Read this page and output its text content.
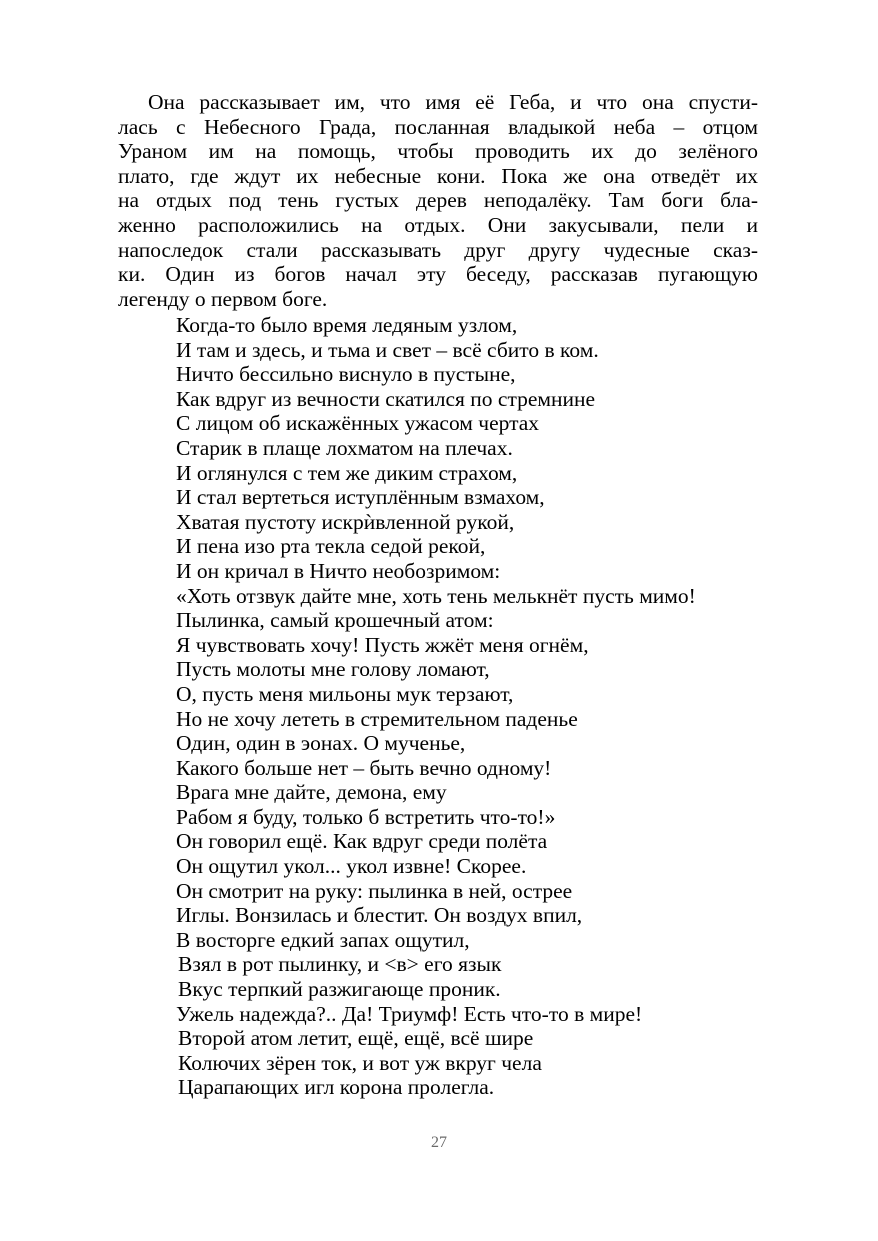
Она рассказывает им, что имя её Геба, и что она спусти-
лась с Небесного Града, посланная владыкой неба – отцом
Ураном им на помощь, чтобы проводить их до зелёного
плато, где ждут их небесные кони. Пока же она отведёт их
на отдых под тень густых дерев неподалёку. Там боги бла-
женно расположились на отдых. Они закусывали, пели и
напоследок стали рассказывать друг другу чудесные сказ-
ки. Один из богов начал эту беседу, рассказав пугающую
легенду о первом боге.
Когда-то было время ледяным узлом,
И там и здесь, и тьма и свет – всё сбито в ком.
Ничто бессильно виснуло в пустыне,
Как вдруг из вечности скатился по стремнине
С лицом об искажённых ужасом чертах
Старик в плаще лохматом на плечах.
И оглянулся с тем же диким страхом,
И стал вертеться иступлённым взмахом,
Хватая пустоту искрѝвленной рукой,
И пена изо рта текла седой рекой,
И он кричал в Ничто необозримом:
«Хоть отзвук дайте мне, хоть тень мелькнёт пусть мимо!
Пылинка, самый крошечный атом:
Я чувствовать хочу! Пусть жжёт меня огнём,
Пусть молоты мне голову ломают,
О, пусть меня мильоны мук терзают,
Но не хочу лететь в стремительном паденье
Один, один в эонах. О мученье,
Какого больше нет – быть вечно одному!
Врага мне дайте, демона, ему
Рабом я буду, только б встретить что-то!»
Он говорил ещё. Как вдруг среди полёта
Он ощутил укол... укол извне! Скорее.
Он смотрит на руку: пылинка в ней, острее
Иглы. Вонзилась и блестит. Он воздух впил,
В восторге едкий запах ощутил,
Взял в рот пылинку, и <в> его язык
Вкус терпкий разжигающе проник.
Ужель надежда?.. Да! Триумф! Есть что-то в мире!
Второй атом летит, ещё, ещё, всё шире
Колючих зёрен ток, и вот уж вкруг чела
Царапающих игл корона пролегла.
27
